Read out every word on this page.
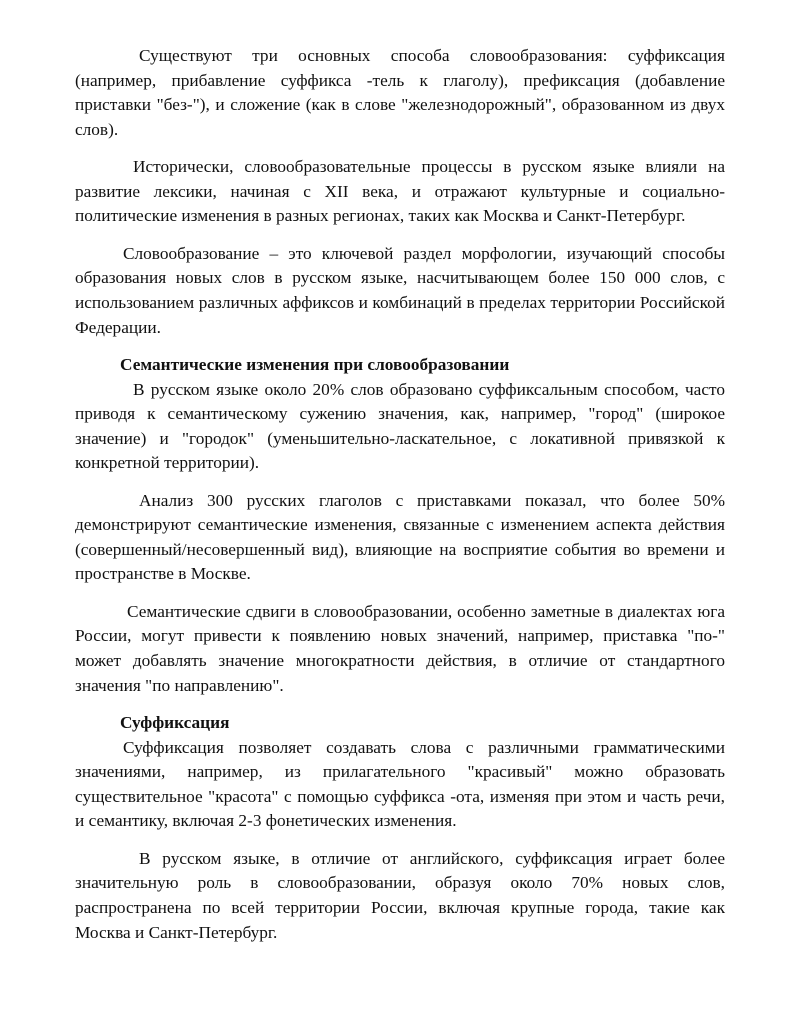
Существуют три основных способа словообразования: суффиксация (например, прибавление суффикса -тель к глаголу), префиксация (добавление приставки "без-"), и сложение (как в слове "железнодорожный", образованном из двух слов).

Исторически, словообразовательные процессы в русском языке влияли на развитие лексики, начиная с XII века, и отражают культурные и социально-политические изменения в разных регионах, таких как Москва и Санкт-Петербург.

Словообразование – это ключевой раздел морфологии, изучающий способы образования новых слов в русском языке, насчитывающем более 150 000 слов, с использованием различных аффиксов и комбинаций в пределах территории Российской Федерации.

Семантические изменения при словообразовании

В русском языке около 20% слов образовано суффиксальным способом, часто приводя к семантическому сужению значения, как, например, "город" (широкое значение) и "городок" (уменьшительно-ласкательное, с локативной привязкой к конкретной территории).

Анализ 300 русских глаголов с приставками показал, что более 50% демонстрируют семантические изменения, связанные с изменением аспекта действия (совершенный/несовершенный вид), влияющие на восприятие события во времени и пространстве в Москве.

Семантические сдвиги в словообразовании, особенно заметные в диалектах юга России, могут привести к появлению новых значений, например, приставка "по-" может добавлять значение многократности действия, в отличие от стандартного значения "по направлению".

Суффиксация

Суффиксация позволяет создавать слова с различными грамматическими значениями, например, из прилагательного "красивый" можно образовать существительное "красота" с помощью суффикса -ота, изменяя при этом и часть речи, и семантику, включая 2-3 фонетических изменения.

В русском языке, в отличие от английского, суффиксация играет более значительную роль в словообразовании, образуя около 70% новых слов, распространена по всей территории России, включая крупные города, такие как Москва и Санкт-Петербург.
